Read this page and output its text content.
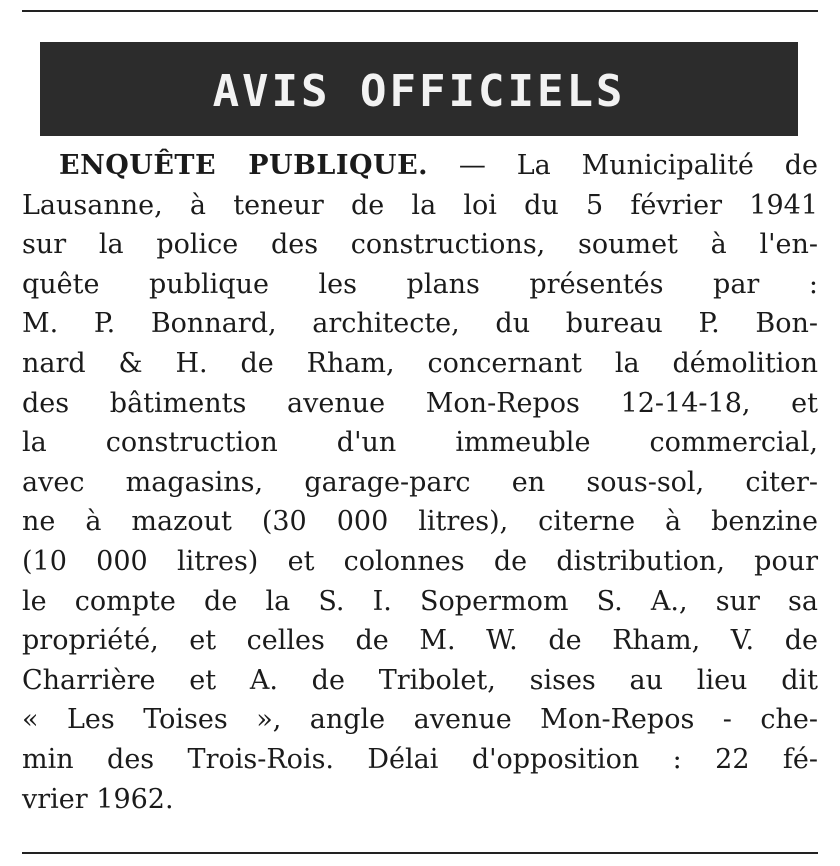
AVIS OFFICIELS
ENQUÊTE PUBLIQUE. — La Municipalité de
Lausanne, à teneur de la loi du 5 février 1941
sur la police des constructions, soumet à l'en-
quête publique les plans présentés par :
M. P. Bonnard, architecte, du bureau P. Bon-
nard & H. de Rham, concernant la démolition
des bâtiments avenue Mon-Repos 12-14-18, et
la construction d'un immeuble commercial,
avec magasins, garage-parc en sous-sol, citer-
ne à mazout (30 000 litres), citerne à benzine
(10 000 litres) et colonnes de distribution, pour
le compte de la S. I. Sopermom S. A., sur sa
propriété, et celles de M. W. de Rham, V. de
Charrière et A. de Tribolet, sises au lieu dit
« Les Toises », angle avenue Mon-Repos - che-
min des Trois-Rois. Délai d'opposition : 22 fé-
vrier 1962.
